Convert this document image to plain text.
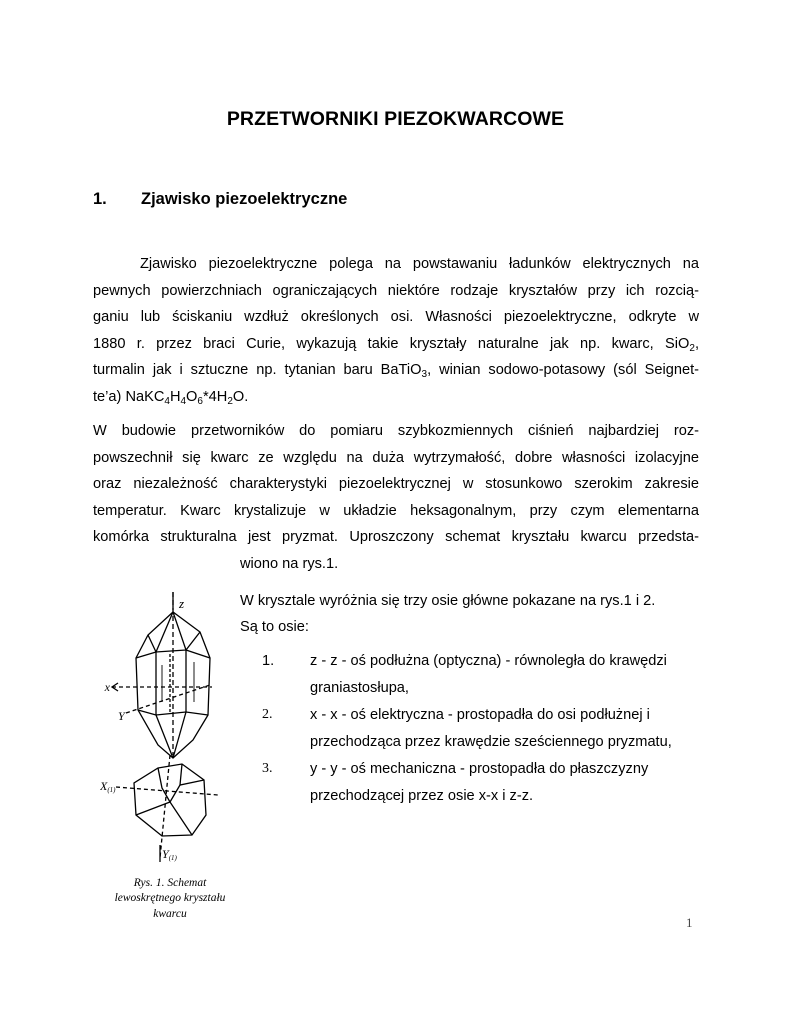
PRZETWORNIKI PIEZOKWARCOWE
1. Zjawisko piezoelektryczne
Zjawisko piezoelektryczne polega na powstawaniu ładunków elektrycznych na
pewnych powierzchniach ograniczających niektóre rodzaje kryształów przy ich rozcią-
ganiu lub ściskaniu wzdłuż określonych osi. Własności piezoelektryczne, odkryte w
1880 r. przez braci Curie, wykazują takie kryształy naturalne jak np. kwarc, SiO$_2$,
turmalin jak i sztuczne np. tytanian baru BaTiO$_3$, winian sodowo-potasowy (sól Seignet-
te’a) $NaKC_4H_4O_6*4H_2O$.
W budowie przetworników do pomiaru szybkozmiennych ciśnień najbardziej roz-
powszechnił się kwarc ze względu na duża wytrzymałość, dobre własności izolacyjne
oraz niezależność charakterystyki piezoelektrycznej w stosunkowo szerokim zakresie
temperatur. Kwarc krystalizuje w układzie heksagonalnym, przy czym elementarna
komórka strukturalna jest pryzmat. Uproszczony schemat kryształu kwarcu przedsta-
wiono na rys.1.
W krysztale wyróżnia się trzy osie główne pokazane na rys.1 i 2.
Są to osie:
1. z - z - oś podłużna (optyczna) - równoległa do krawędzi
graniastosłupa,
2.	x - x - oś elektryczna - prostopadła do osi podłużnej i
przechodząca przez krawędzie sześciennego pryzmatu,
3.	y - y - oś mechaniczna - prostopadła do płaszczyzny
przechodzącej przez osie x-x i z-z.
z
x
Y
X(1)
Y(1)
Rys. 1. Schemat
lewoskrętnego kryształu
kwarcu
1
